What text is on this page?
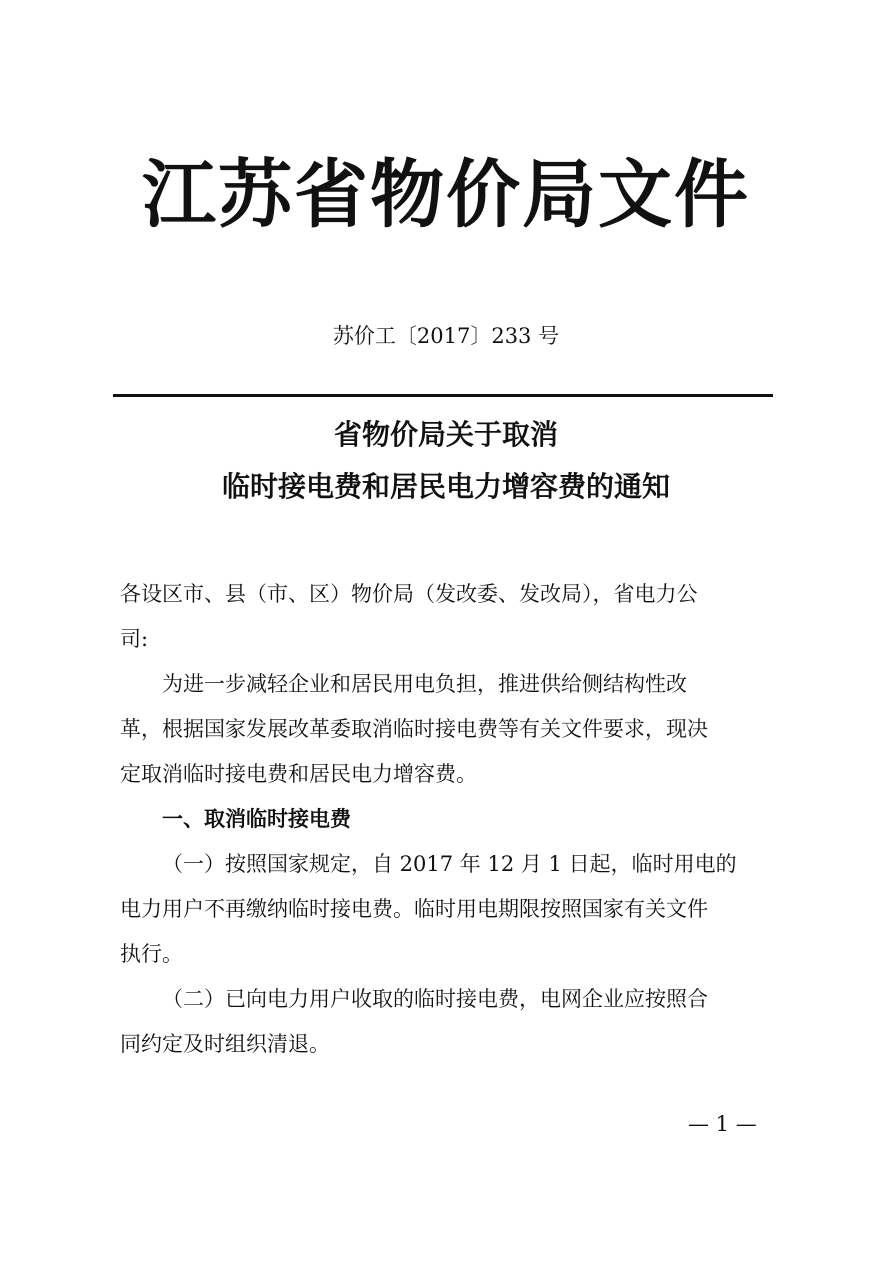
江苏省物价局文件
苏价工〔2017〕233 号
省物价局关于取消
临时接电费和居民电力增容费的通知

各设区市、县（市、区）物价局（发改委、发改局），省电力公
司:

为进一步减轻企业和居民用电负担，推进供给侧结构性改
革，根据国家发展改革委取消临时接电费等有关文件要求，现决
定取消临时接电费和居民电力增容费。

一、取消临时接电费

（一）按照国家规定，自 2017 年 12 月 1 日起，临时用电的
电力用户不再缴纳临时接电费。临时用电期限按照国家有关文件
执行。

（二）已向电力用户收取的临时接电费，电网企业应按照合
同约定及时组织清退。

— 1 —
